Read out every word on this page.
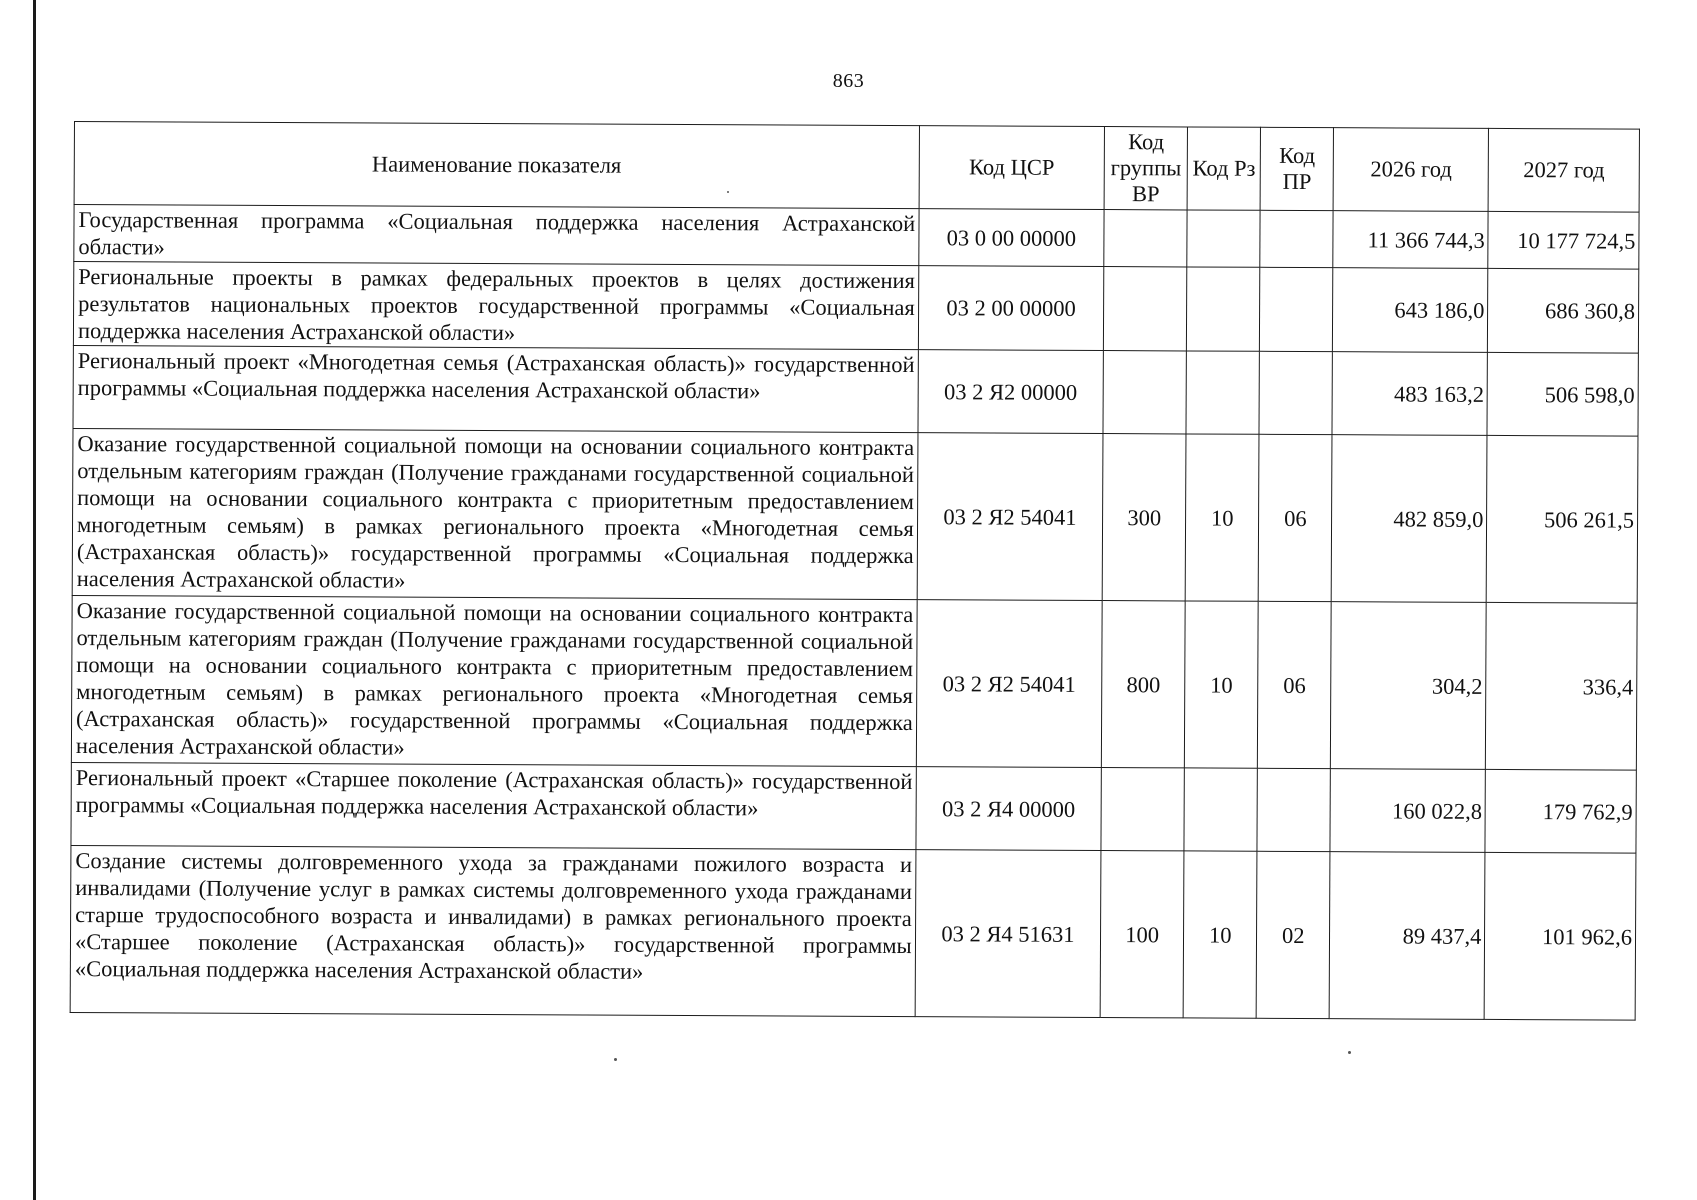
863
Наименование показателя	Код ЦСР	Код группы ВР	Код Рз	Код ПР	2026 год	2027 год
Государственная программа «Социальная поддержка населения Астраханской области»	03 0 00 00000				11 366 744,3	10 177 724,5
Региональные проекты в рамках федеральных проектов в целях достижения результатов национальных проектов государственной программы «Социальная поддержка населения Астраханской области»	03 2 00 00000				643 186,0	686 360,8
Региональный проект «Многодетная семья (Астраханская область)» государственной программы «Социальная поддержка населения Астраханской области»	03 2 Я2 00000				483 163,2	506 598,0
Оказание государственной социальной помощи на основании социального контракта отдельным категориям граждан (Получение гражданами государственной социальной помощи на основании социального контракта с приоритетным предоставлением многодетным семьям) в рамках регионального проекта «Многодетная семья (Астраханская область)» государственной программы «Социальная поддержка населения Астраханской области»	03 2 Я2 54041	300	10	06	482 859,0	506 261,5
Оказание государственной социальной помощи на основании социального контракта отдельным категориям граждан (Получение гражданами государственной социальной помощи на основании социального контракта с приоритетным предоставлением многодетным семьям) в рамках регионального проекта «Многодетная семья (Астраханская область)» государственной программы «Социальная поддержка населения Астраханской области»	03 2 Я2 54041	800	10	06	304,2	336,4
Региональный проект «Старшее поколение (Астраханская область)» государственной программы «Социальная поддержка населения Астраханской области»	03 2 Я4 00000				160 022,8	179 762,9
Создание системы долговременного ухода за гражданами пожилого возраста и инвалидами (Получение услуг в рамках системы долговременного ухода гражданами старше трудоспособного возраста и инвалидами) в рамках регионального проекта «Старшее поколение (Астраханская область)» государственной программы «Социальная поддержка населения Астраханской области»	03 2 Я4 51631	100	10	02	89 437,4	101 962,6
